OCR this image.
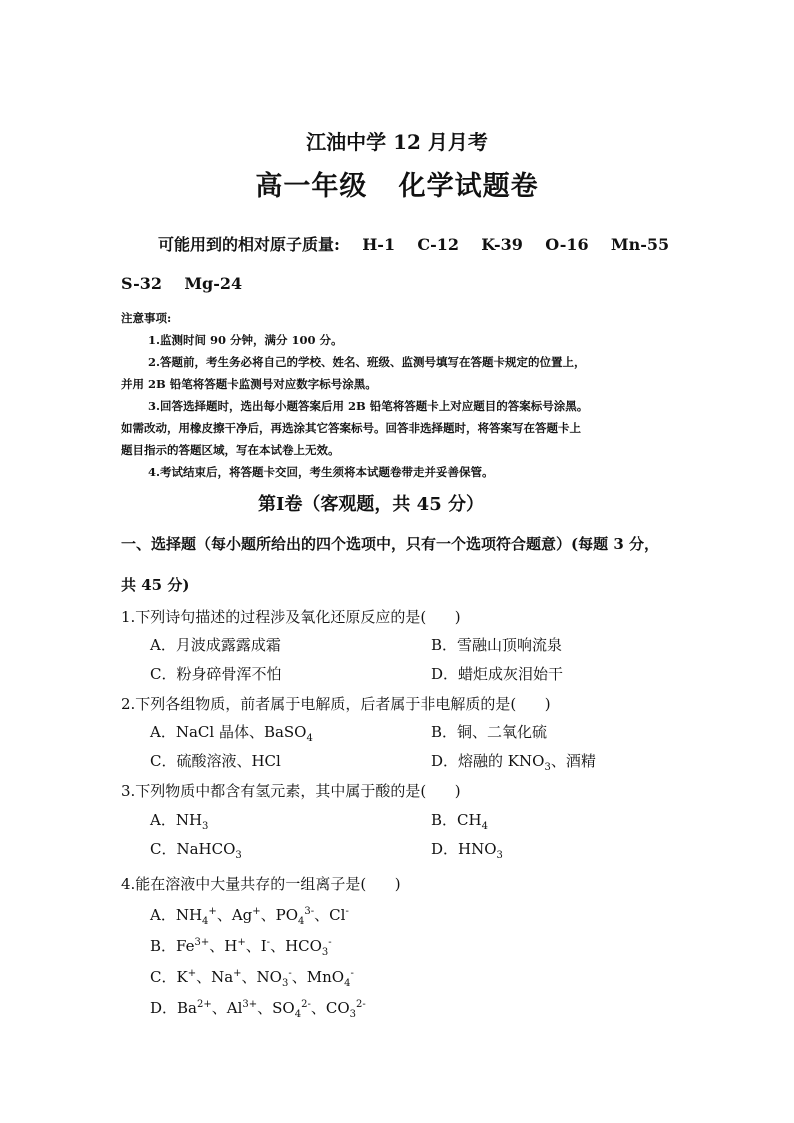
江油中学 12 月月考
高一年级   化学试题卷
可能用到的相对原子质量:    H-1    C-12    K-39    O-16    Mn-55
S-32    Mg-24
注意事项:
1.监测时间 90 分钟，满分 100 分。
2.答题前，考生务必将自己的学校、姓名、班级、监测号填写在答题卡规定的位置上，
并用 2B 铅笔将答题卡监测号对应数字标号涂黑。
3.回答选择题时，选出每小题答案后用 2B 铅笔将答题卡上对应题目的答案标号涂黑。
如需改动，用橡皮擦干净后，再选涂其它答案标号。回答非选择题时，将答案写在答题卡上
题目指示的答题区域，写在本试卷上无效。
4.考试结束后，将答题卡交回，考生须将本试题卷带走并妥善保管。
第Ⅰ卷（客观题，共 45 分）
一、选择题（每小题所给出的四个选项中，只有一个选项符合题意）(每题 3 分，
共 45 分)
1.下列诗句描述的过程涉及氧化还原反应的是(      )
A．月波成露露成霜	B．雪融山顶响流泉
C．粉身碎骨浑不怕	D．蜡炬成灰泪始干
2.下列各组物质，前者属于电解质，后者属于非电解质的是(      )
A．NaCl 晶体、BaSO$_4$	B．铜、二氧化硫
C．硫酸溶液、HCl	D．熔融的 $KNO_3$、酒精
3.下列物质中都含有氢元素，其中属于酸的是(      )
A．$NH_3$	B．$CH_4$
C．NaHCO$_3$	D．$HNO_3$
4.能在溶液中大量共存的一组离子是(      )
A．$NH_4^+$、Ag+、$PO_4^{3-}$、Cl-
B．$Fe^{3+}$、H+、I-、$HCO_3^-$
C．K+、Na+、$NO_3^-$、MnO$_4$-
D．$Ba^{2+}$、$Al^{3+}$、$SO_4^{2-}$、$CO_3^{2-}$
